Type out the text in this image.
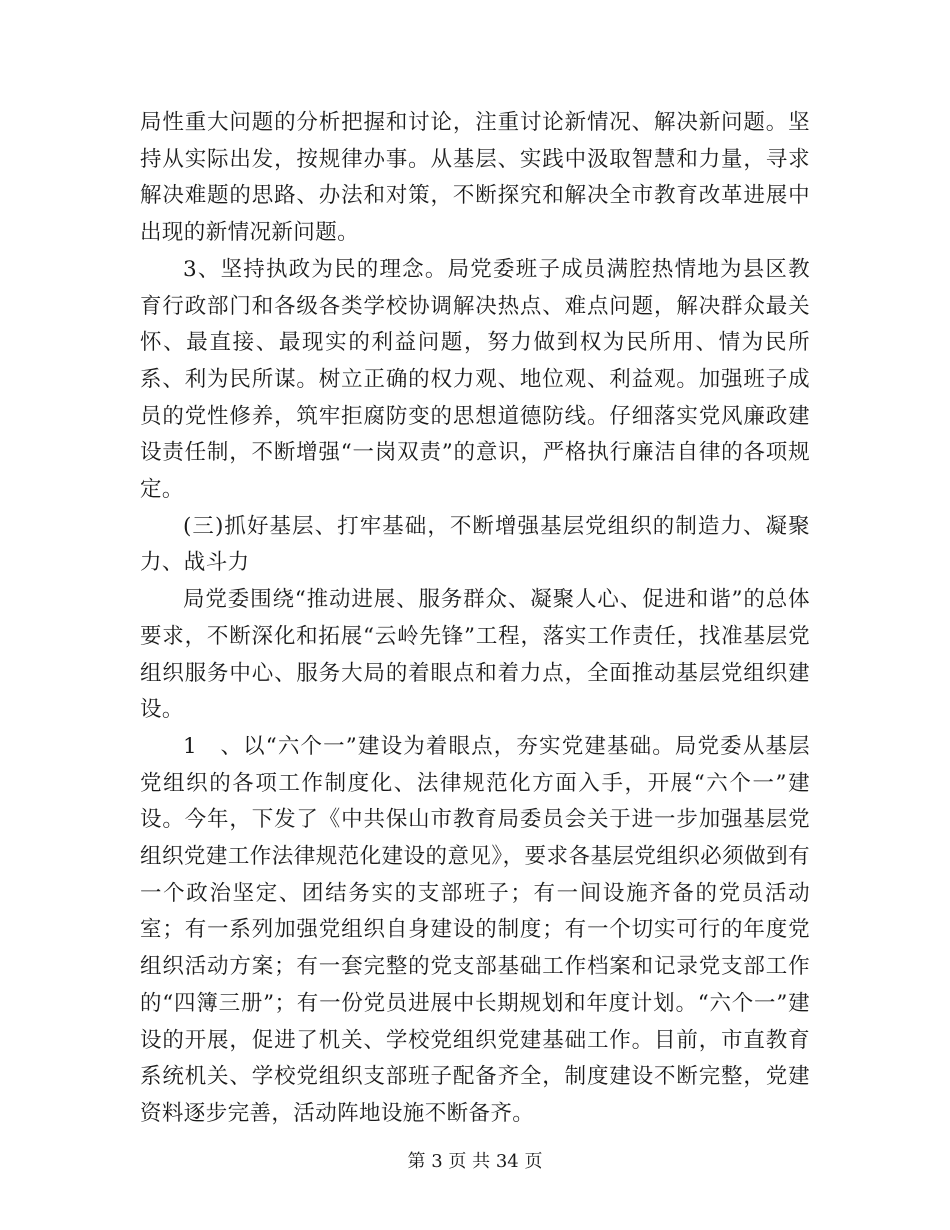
局性重大问题的分析把握和讨论，注重讨论新情况、解决新问题。坚持从实际出发，按规律办事。从基层、实践中汲取智慧和力量，寻求解决难题的思路、办法和对策，不断探究和解决全市教育改革进展中出现的新情况新问题。

3、坚持执政为民的理念。局党委班子成员满腔热情地为县区教育行政部门和各级各类学校协调解决热点、难点问题，解决群众最关怀、最直接、最现实的利益问题，努力做到权为民所用、情为民所系、利为民所谋。树立正确的权力观、地位观、利益观。加强班子成员的党性修养，筑牢拒腐防变的思想道德防线。仔细落实党风廉政建设责任制，不断增强“一岗双责”的意识，严格执行廉洁自律的各项规定。

(三)抓好基层、打牢基础，不断增强基层党组织的制造力、凝聚力、战斗力

局党委围绕“推动进展、服务群众、凝聚人心、促进和谐”的总体要求，不断深化和拓展“云岭先锋”工程，落实工作责任，找准基层党组织服务中心、服务大局的着眼点和着力点，全面推动基层党组织建设。

1　、以“六个一”建设为着眼点，夯实党建基础。局党委从基层党组织的各项工作制度化、法律规范化方面入手，开展“六个一”建设。今年，下发了《中共保山市教育局委员会关于进一步加强基层党组织党建工作法律规范化建设的意见》，要求各基层党组织必须做到有一个政治坚定、团结务实的支部班子；有一间设施齐备的党员活动室；有一系列加强党组织自身建设的制度；有一个切实可行的年度党组织活动方案；有一套完整的党支部基础工作档案和记录党支部工作的“四簿三册”；有一份党员进展中长期规划和年度计划。“六个一”建设的开展，促进了机关、学校党组织党建基础工作。目前，市直教育系统机关、学校党组织支部班子配备齐全，制度建设不断完整，党建资料逐步完善，活动阵地设施不断备齐。

第 3 页 共 34 页
